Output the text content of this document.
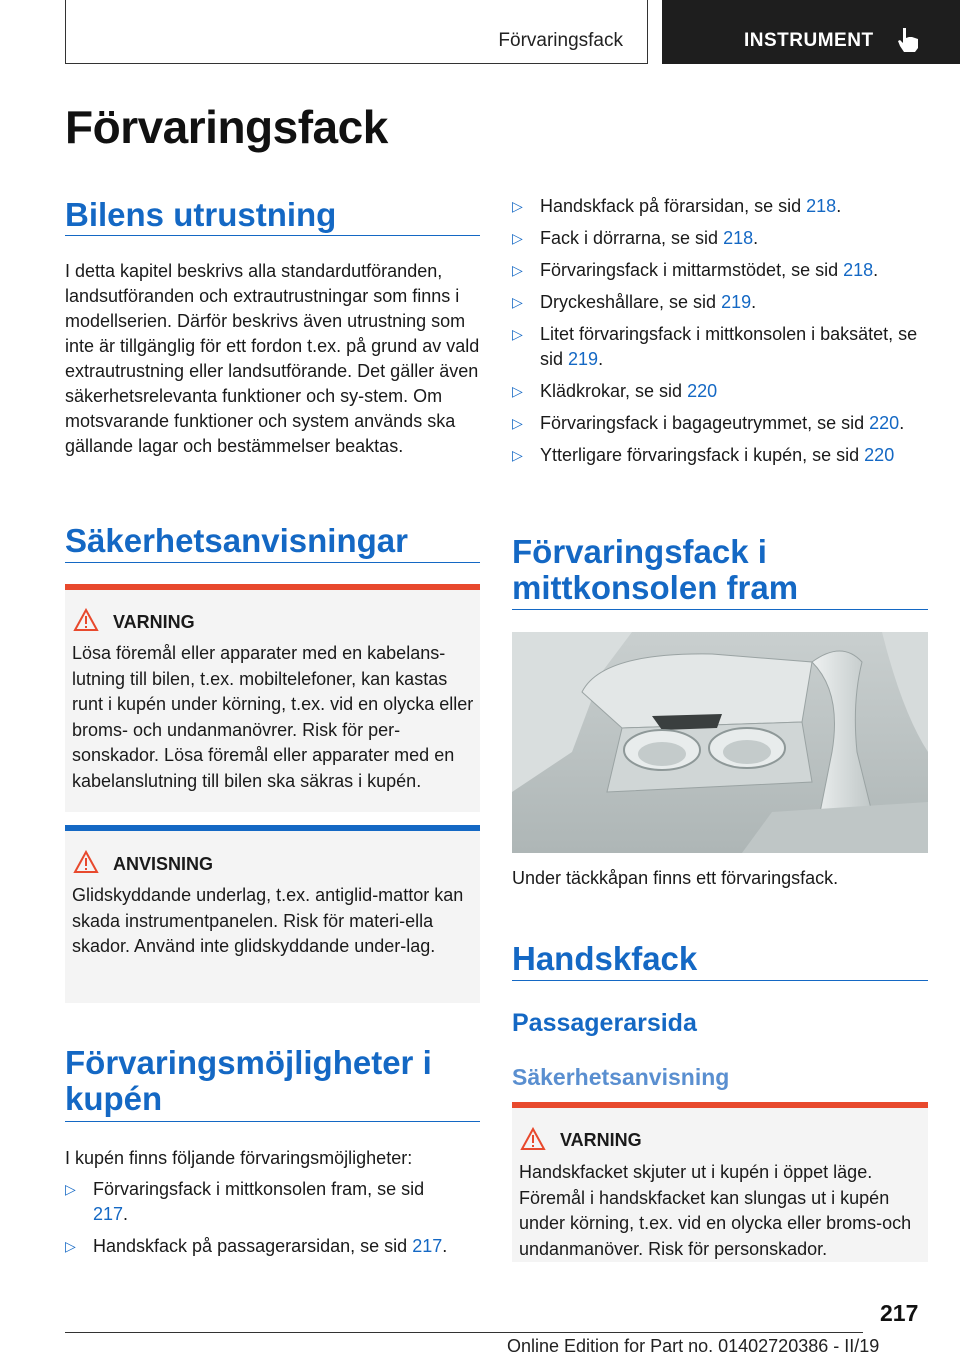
Förvaringsfack	INSTRUMENT
Förvaringsfack
Bilens utrustning
I detta kapitel beskrivs alla standardutföranden, landsutföranden och extrautrustningar som finns i modellserien. Därför beskrivs även utrustning som inte är tillgänglig för ett fordon t.ex. på grund av vald extrautrustning eller landsutförande. Det gäller även säkerhetsrelevanta funktioner och sy-stem. Om motsvarande funktioner och system används ska gällande lagar och bestämmelser beaktas.
Säkerhetsanvisningar
VARNING
Lösa föremål eller apparater med en kabelans-lutning till bilen, t.ex. mobiltelefoner, kan kastas runt i kupén under körning, t.ex. vid en olycka eller broms- och undanmanövrer. Risk för per-sonskador. Lösa föremål eller apparater med en kabelanslutning till bilen ska säkras i kupén.
ANVISNING
Glidskyddande underlag, t.ex. antiglid-mattor kan skada instrumentpanelen. Risk för materi-ella skador. Använd inte glidskyddande under-lag.
Förvaringsmöjligheter i
kupén
I kupén finns följande förvaringsmöjligheter:
▷ Förvaringsfack i mittkonsolen fram, se sid
217.
▷ Handskfack på passagerarsidan, se sid 217.
▷ Handskfack på förarsidan, se sid 218.
▷ Fack i dörrarna, se sid 218.
▷ Förvaringsfack i mittarmstödet, se sid 218.
▷ Dryckeshållare, se sid 219.
▷ Litet förvaringsfack i mittkonsolen i baksätet, se sid 219.
▷ Klädkrokar, se sid 220
▷ Förvaringsfack i bagageutrymmet, se sid 220.
▷ Ytterligare förvaringsfack i kupén, se sid 220
Förvaringsfack i
mittkonsolen fram
Under täckkåpan finns ett förvaringsfack.
Handskfack
Passagerarsida
Säkerhetsanvisning
VARNING
Handskfacket skjuter ut i kupén i öppet läge. Föremål i handskfacket kan slungas ut i kupén under körning, t.ex. vid en olycka eller broms-och undanmanöver. Risk för personskador.
217
Online Edition for Part no. 01402720386 - II/19
